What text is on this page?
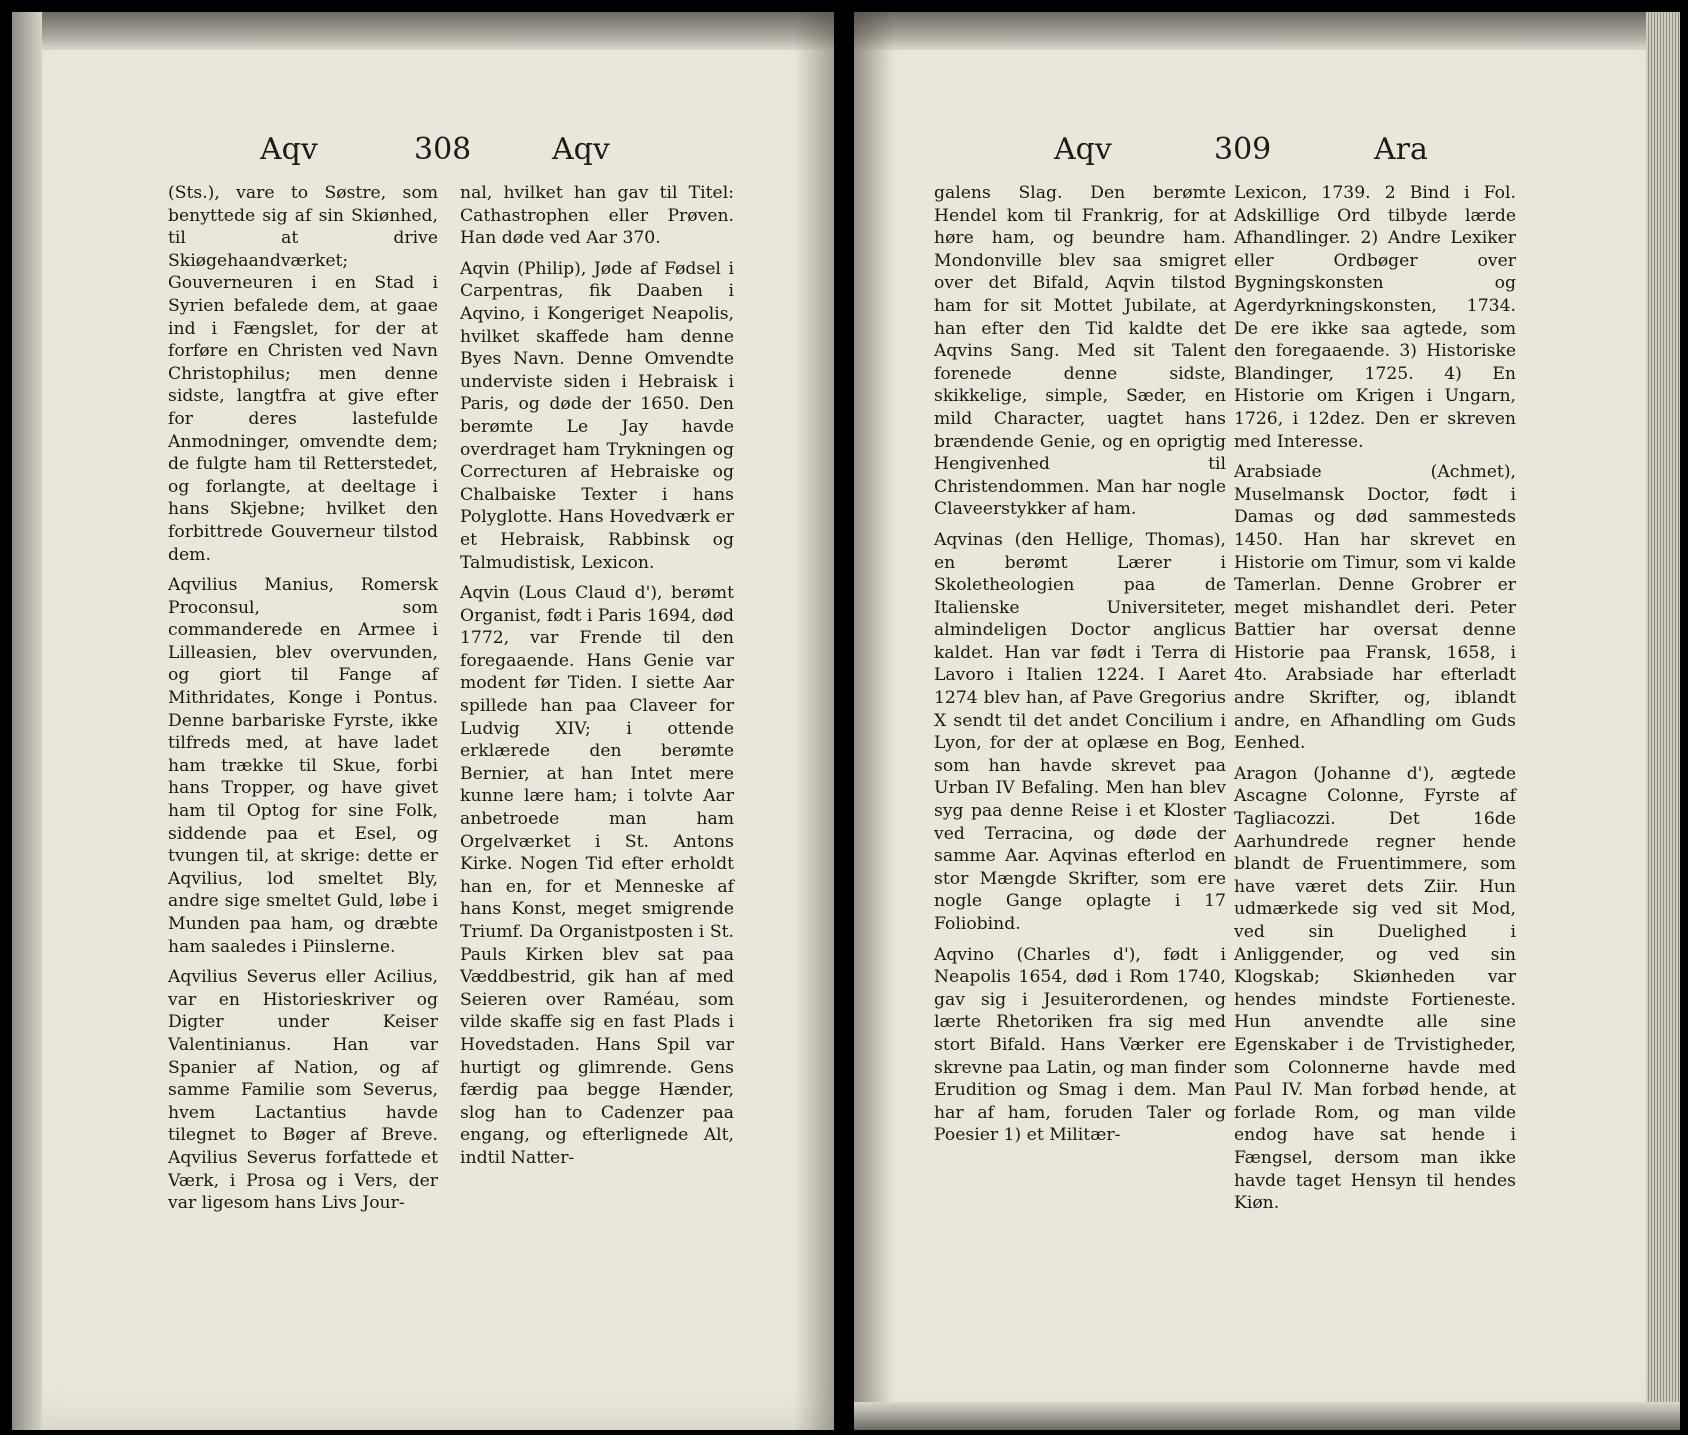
Aqv	308	Aqv

(Sts.), vare to Søstre, som benyttede sig af sin Skiønhed, til at drive Skiøgehaandværket; Gouverneuren i en Stad i Syrien befalede dem, at gaae ind i Fængslet, for der at forføre en Christen ved Navn Christophilus; men denne sidste, langtfra at give efter for deres lastefulde Anmodninger, omvendte dem; de fulgte ham til Retterstedet, og forlangte, at deeltage i hans Skjebne; hvilket den forbittrede Gouverneur tilstod dem.

Aqvilius Manius, Romersk Proconsul, som commanderede en Armee i Lilleasien, blev overvunden, og giort til Fange af Mithridates, Konge i Pontus. Denne barbariske Fyrste, ikke tilfreds med, at have ladet ham trække til Skue, forbi hans Tropper, og have givet ham til Optog for sine Folk, siddende paa et Esel, og tvungen til, at skrige: dette er Aqvilius, lod smeltet Bly, andre sige smeltet Guld, løbe i Munden paa ham, og dræbte ham saaledes i Piinslerne.

Aqvilius Severus eller Acilius, var en Historieskriver og Digter under Keiser Valentinianus. Han var Spanier af Nation, og af samme Familie som Severus, hvem Lactantius havde tilegnet to Bøger af Breve. Aqvilius Severus forfattede et Værk, i Prosa og i Vers, der var ligesom hans Livs Jour-

nal, hvilket han gav til Titel: Cathastrophen eller Prøven. Han døde ved Aar 370.

Aqvin (Philip), Jøde af Fødsel i Carpentras, fik Daaben i Aqvino, i Kongeriget Neapolis, hvilket skaffede ham denne Byes Navn. Denne Omvendte underviste siden i Hebraisk i Paris, og døde der 1650. Den berømte Le Jay havde overdraget ham Trykningen og Correcturen af Hebraiske og Chalbaiske Texter i hans Polyglotte. Hans Hovedværk er et Hebraisk, Rabbinsk og Talmudistisk, Lexicon.

Aqvin (Lous Claud d'), berømt Organist, født i Paris 1694, død 1772, var Frende til den foregaaende. Hans Genie var modent før Tiden. I siette Aar spillede han paa Claveer for Ludvig XIV; i ottende erklærede den berømte Bernier, at han Intet mere kunne lære ham; i tolvte Aar anbetroede man ham Orgelværket i St. Antons Kirke. Nogen Tid efter erholdt han en, for et Menneske af hans Konst, meget smigrende Triumf. Da Organistposten i St. Pauls Kirken blev sat paa Væddbestrid, gik han af med Seieren over Raméau, som vilde skaffe sig en fast Plads i Hovedstaden. Hans Spil var hurtigt og glimrende. Gens færdig paa begge Hænder, slog han to Cadenzer paa engang, og efterlignede Alt, indtil Natter-

Aqv	309	Ara

galens Slag. Den berømte Hendel kom til Frankrig, for at høre ham, og beundre ham. Mondonville blev saa smigret over det Bifald, Aqvin tilstod ham for sit Mottet Jubilate, at han efter den Tid kaldte det Aqvins Sang. Med sit Talent forenede denne sidste, skikkelige, simple, Sæder, en mild Character, uagtet hans brændende Genie, og en oprigtig Hengivenhed til Christendommen. Man har nogle Claveerstykker af ham.

Aqvinas (den Hellige, Thomas), en berømt Lærer i Skoletheologien paa de Italienske Universiteter, almindeligen Doctor anglicus kaldet. Han var født i Terra di Lavoro i Italien 1224. I Aaret 1274 blev han, af Pave Gregorius X sendt til det andet Concilium i Lyon, for der at oplæse en Bog, som han havde skrevet paa Urban IV Befaling. Men han blev syg paa denne Reise i et Kloster ved Terracina, og døde der samme Aar. Aqvinas efterlod en stor Mængde Skrifter, som ere nogle Gange oplagte i 17 Foliobind.

Aqvino (Charles d'), født i Neapolis 1654, død i Rom 1740, gav sig i Jesuiterordenen, og lærte Rhetoriken fra sig med stort Bifald. Hans Værker ere skrevne paa Latin, og man finder Erudition og Smag i dem. Man har af ham, foruden Taler og Poesier 1) et Militær-

Lexicon, 1739. 2 Bind i Fol. Adskillige Ord tilbyde lærde Afhandlinger. 2) Andre Lexiker eller Ordbøger over Bygningskonsten og Agerdyrkningskonsten, 1734. De ere ikke saa agtede, som den foregaaende. 3) Historiske Blandinger, 1725. 4) En Historie om Krigen i Ungarn, 1726, i 12dez. Den er skreven med Interesse.

Arabsiade (Achmet), Muselmansk Doctor, født i Damas og død sammesteds 1450. Han har skrevet en Historie om Timur, som vi kalde Tamerlan. Denne Grobrer er meget mishandlet deri. Peter Battier har oversat denne Historie paa Fransk, 1658, i 4to. Arabsiade har efterladt andre Skrifter, og, iblandt andre, en Afhandling om Guds Eenhed.

Aragon (Johanne d'), ægtede Ascagne Colonne, Fyrste af Tagliacozzi. Det 16de Aarhundrede regner hende blandt de Fruentimmere, som have været dets Ziir. Hun udmærkede sig ved sit Mod, ved sin Duelighed i Anliggender, og ved sin Klogskab; Skiønheden var hendes mindste Fortieneste. Hun anvendte alle sine Egenskaber i de Trvistigheder, som Colonnerne havde med Paul IV. Man forbød hende, at forlade Rom, og man vilde endog have sat hende i Fængsel, dersom man ikke havde taget Hensyn til hendes Kiøn.
